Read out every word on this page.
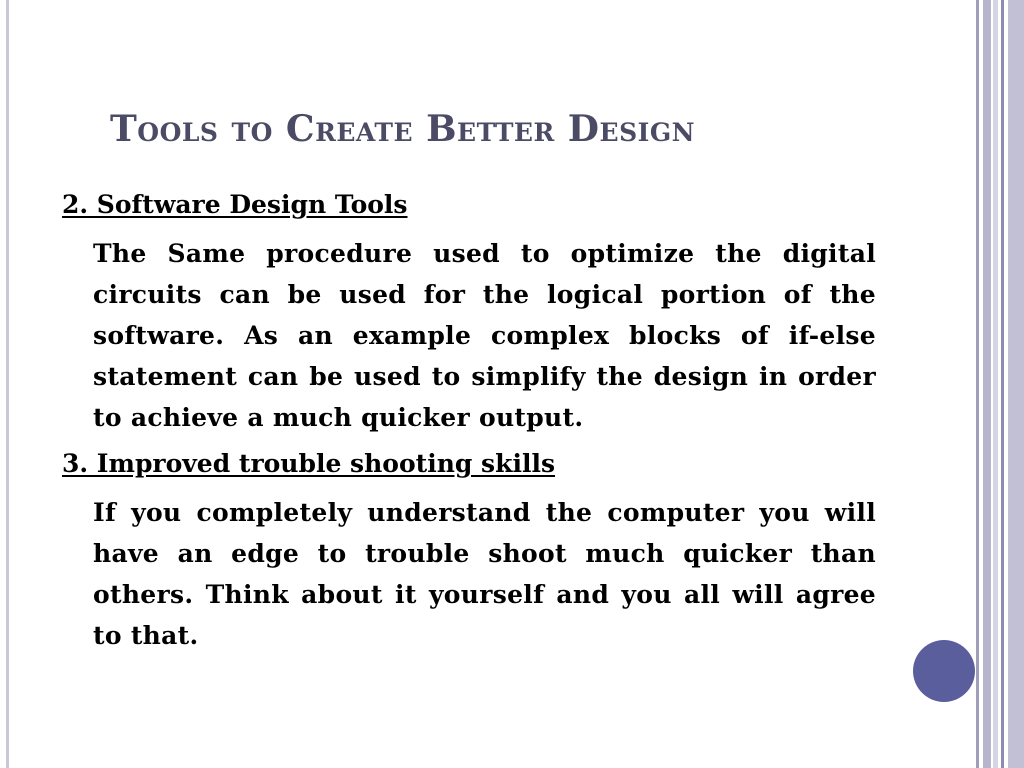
Tools to Create Better Design

2. Software Design Tools

The Same procedure used to optimize the digital circuits can be used for the logical portion of the software. As an example complex blocks of if-else statement can be used to simplify the design in order to achieve a much quicker output.

3. Improved trouble shooting skills

If you completely understand the computer you will have an edge to trouble shoot much quicker than others. Think about it yourself and you all will agree to that.
